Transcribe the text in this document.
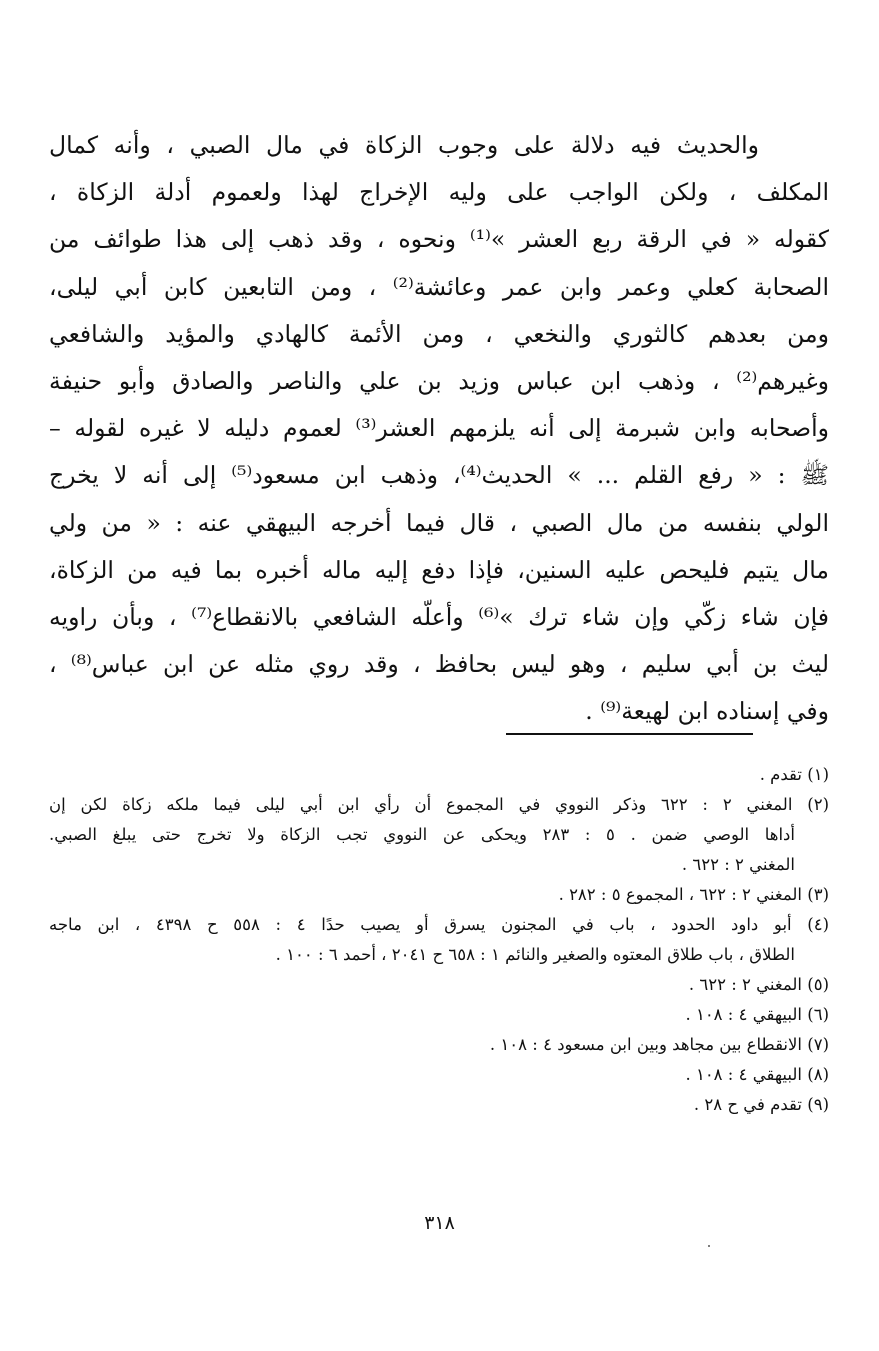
والحديث فيه دلالة على وجوب الزكاة في مال الصبي ، وأنه كمال
المكلف ، ولكن الواجب على وليه الإخراج لهذا ولعموم أدلة الزكاة ،
كقوله « في الرقة ربع العشر »⁽¹⁾ ونحوه ، وقد ذهب إلى هذا طوائف من
الصحابة كعلي وعمر وابن عمر وعائشة⁽²⁾ ، ومن التابعين كابن أبي ليلى،
ومن بعدهم كالثوري والنخعي ، ومن الأئمة كالهادي والمؤيد والشافعي
وغيرهم⁽²⁾ ، وذهب ابن عباس وزيد بن علي والناصر والصادق وأبو حنيفة
وأصحابه وابن شبرمة إلى أنه يلزمهم العشر⁽³⁾ لعموم دليله لا غيره لقوله –
ﷺ : « رفع القلم ... » الحديث⁽⁴⁾، وذهب ابن مسعود⁽⁵⁾ إلى أنه لا يخرج
الولي بنفسه من مال الصبي ، قال فيما أخرجه البيهقي عنه : « من ولي
مال يتيم فليحص عليه السنين، فإذا دفع إليه ماله أخبره بما فيه من الزكاة،
فإن شاء زكّي وإن شاء ترك »⁽⁶⁾ وأعلّه الشافعي بالانقطاع⁽⁷⁾ ، وبأن راويه
ليث بن أبي سليم ، وهو ليس بحافظ ، وقد روي مثله عن ابن عباس⁽⁸⁾ ،
وفي إسناده ابن لهيعة⁽⁹⁾ .
(١) تقدم .
(٢) المغني ٢ : ٦٢٢ وذكر النووي في المجموع أن رأي ابن أبي ليلى فيما ملكه زكاة لكن إن
أداها الوصي ضمن . ٥ : ٢٨٣ ويحكى عن النووي تجب الزكاة ولا تخرج حتى يبلغ الصبي.
المغني ٢ : ٦٢٢ .
(٣) المغني ٢ : ٦٢٢ ، المجموع ٥ : ٢٨٢ .
(٤) أبو داود الحدود ، باب في المجنون يسرق أو يصيب حدًا ٤ : ٥٥٨ ح ٤٣٩٨ ، ابن ماجه
الطلاق ، باب طلاق المعتوه والصغير والنائم ١ : ٦٥٨ ح ٢٠٤١ ، أحمد ٦ : ١٠٠ .
(٥) المغني ٢ : ٦٢٢ .
(٦) البيهقي ٤ : ١٠٨ .
(٧) الانقطاع بين مجاهد وبين ابن مسعود ٤ : ١٠٨ .
(٨) البيهقي ٤ : ١٠٨ .
(٩) تقدم في ح ٢٨ .
٣١٨
